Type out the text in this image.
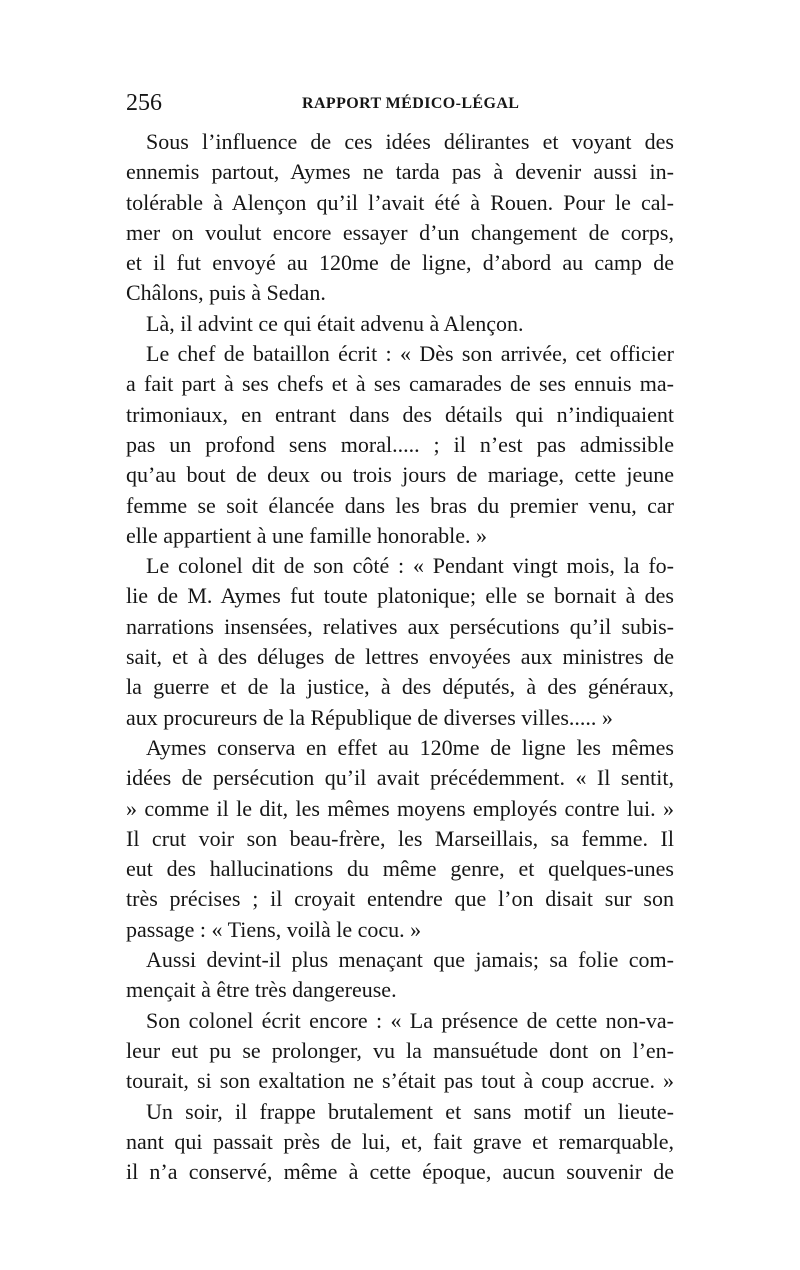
256	RAPPORT MÉDICO-LÉGAL
Sous l’influence de ces idées délirantes et voyant des
ennemis partout, Aymes ne tarda pas à devenir aussi in-
tolérable à Alençon qu’il l’avait été à Rouen. Pour le cal-
mer on voulut encore essayer d’un changement de corps,
et il fut envoyé au 120me de ligne, d’abord au camp de
Châlons, puis à Sedan.
Là, il advint ce qui était advenu à Alençon.
Le chef de bataillon écrit : « Dès son arrivée, cet officier
a fait part à ses chefs et à ses camarades de ses ennuis ma-
trimoniaux, en entrant dans des détails qui n’indiquaient
pas un profond sens moral..... ; il n’est pas admissible
qu’au bout de deux ou trois jours de mariage, cette jeune
femme se soit élancée dans les bras du premier venu, car
elle appartient à une famille honorable. »
Le colonel dit de son côté : « Pendant vingt mois, la fo-
lie de M. Aymes fut toute platonique; elle se bornait à des
narrations insensées, relatives aux persécutions qu’il subis-
sait, et à des déluges de lettres envoyées aux ministres de
la guerre et de la justice, à des députés, à des généraux,
aux procureurs de la République de diverses villes..... »
Aymes conserva en effet au 120me de ligne les mêmes
idées de persécution qu’il avait précédemment. « Il sentit,
» comme il le dit, les mêmes moyens employés contre lui. »
Il crut voir son beau-frère, les Marseillais, sa femme. Il
eut des hallucinations du même genre, et quelques-unes
très précises ; il croyait entendre que l’on disait sur son
passage : « Tiens, voilà le cocu. »
Aussi devint-il plus menaçant que jamais; sa folie com-
mençait à être très dangereuse.
Son colonel écrit encore : « La présence de cette non-va-
leur eut pu se prolonger, vu la mansuétude dont on l’en-
tourait, si son exaltation ne s’était pas tout à coup accrue. »
Un soir, il frappe brutalement et sans motif un lieute-
nant qui passait près de lui, et, fait grave et remarquable,
il n’a conservé, même à cette époque, aucun souvenir de
